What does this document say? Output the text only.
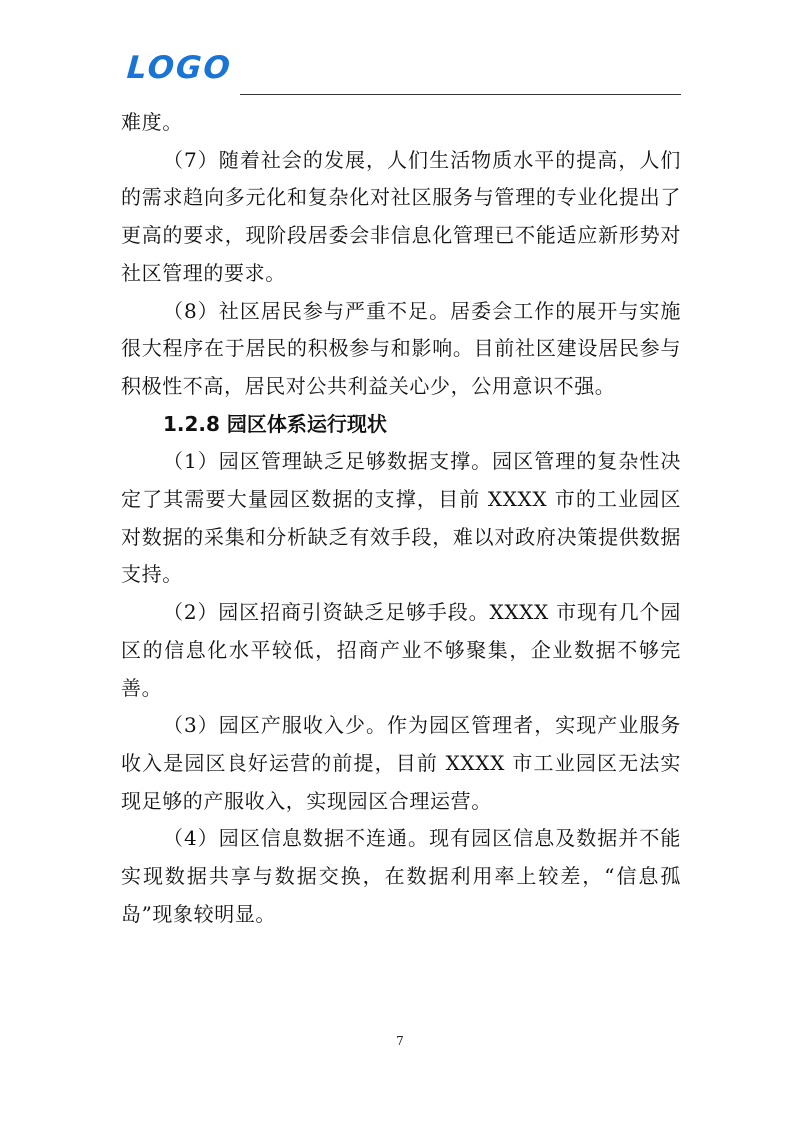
LOGO

难度。

（7）随着社会的发展，人们生活物质水平的提高，人们的需求趋向多元化和复杂化对社区服务与管理的专业化提出了更高的要求，现阶段居委会非信息化管理已不能适应新形势对社区管理的要求。

（8）社区居民参与严重不足。居委会工作的展开与实施很大程序在于居民的积极参与和影响。目前社区建设居民参与积极性不高，居民对公共利益关心少，公用意识不强。

1.2.8 园区体系运行现状

（1）园区管理缺乏足够数据支撑。园区管理的复杂性决定了其需要大量园区数据的支撑，目前 XXXX 市的工业园区对数据的采集和分析缺乏有效手段，难以对政府决策提供数据支持。

（2）园区招商引资缺乏足够手段。XXXX 市现有几个园区的信息化水平较低，招商产业不够聚集，企业数据不够完善。

（3）园区产服收入少。作为园区管理者，实现产业服务收入是园区良好运营的前提，目前 XXXX 市工业园区无法实现足够的产服收入，实现园区合理运营。

（4）园区信息数据不连通。现有园区信息及数据并不能实现数据共享与数据交换，在数据利用率上较差，“信息孤岛”现象较明显。

7
